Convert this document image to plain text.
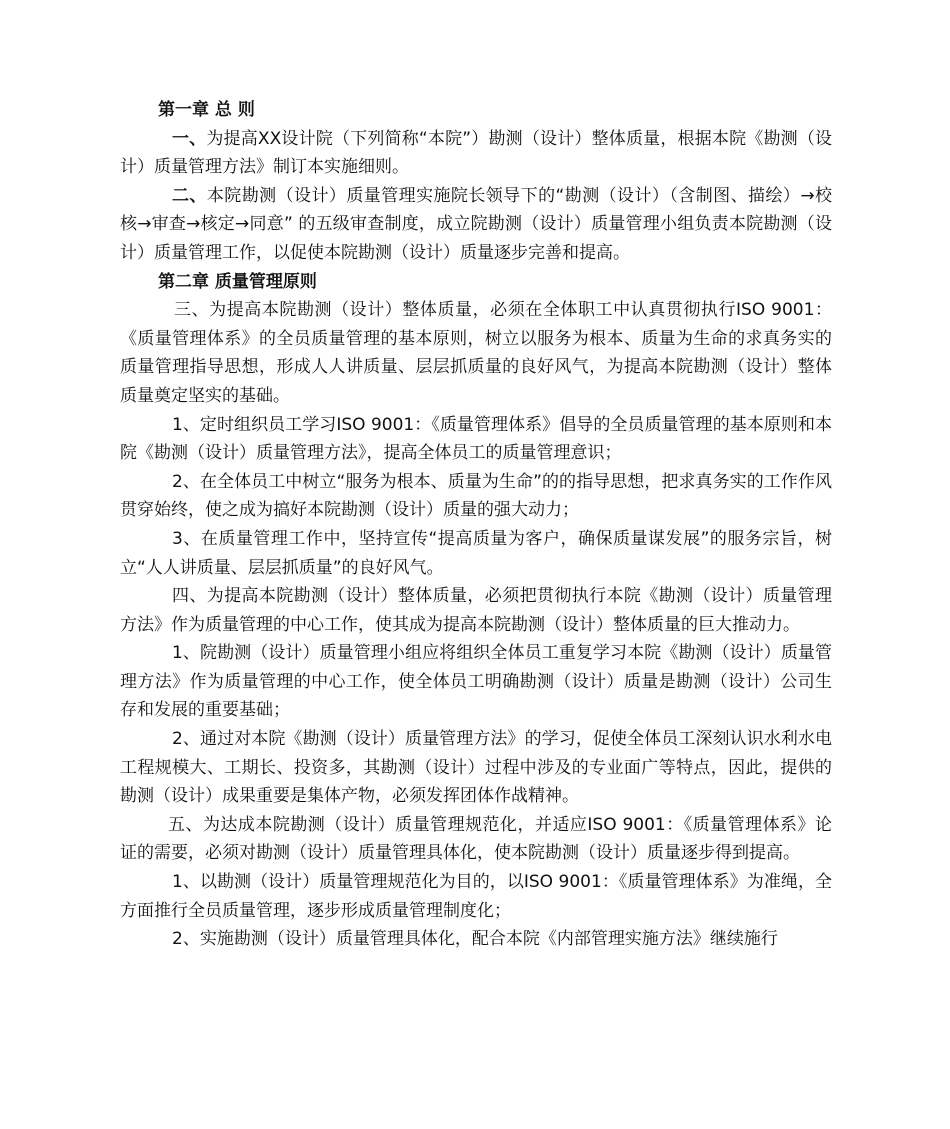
第一章 总 则

一、为提高XX设计院（下列简称“本院”）勘测（设计）整体质量，根据本院《勘测（设计）质量管理方法》制订本实施细则。

二、本院勘测（设计）质量管理实施院长领导下的“勘测（设计）（含制图、描绘）→校核→审查→核定→同意” 的五级审查制度，成立院勘测（设计）质量管理小组负责本院勘测（设计）质量管理工作，以促使本院勘测（设计）质量逐步完善和提高。

第二章 质量管理原则

三、为提高本院勘测（设计）整体质量，必须在全体职工中认真贯彻执行ISO 9001：《质量管理体系》的全员质量管理的基本原则，树立以服务为根本、质量为生命的求真务实的质量管理指导思想，形成人人讲质量、层层抓质量的良好风气，为提高本院勘测（设计）整体质量奠定坚实的基础。

1、定时组织员工学习ISO 9001：《质量管理体系》倡导的全员质量管理的基本原则和本院《勘测（设计）质量管理方法》，提高全体员工的质量管理意识；

2、在全体员工中树立“服务为根本、质量为生命”的的指导思想，把求真务实的工作作风贯穿始终，使之成为搞好本院勘测（设计）质量的强大动力；

3、在质量管理工作中，坚持宣传“提高质量为客户，确保质量谋发展”的服务宗旨，树立“人人讲质量、层层抓质量”的良好风气。

四、为提高本院勘测（设计）整体质量，必须把贯彻执行本院《勘测（设计）质量管理方法》作为质量管理的中心工作，使其成为提高本院勘测（设计）整体质量的巨大推动力。

1、院勘测（设计）质量管理小组应将组织全体员工重复学习本院《勘测（设计）质量管理方法》作为质量管理的中心工作，使全体员工明确勘测（设计）质量是勘测（设计）公司生存和发展的重要基础；

2、通过对本院《勘测（设计）质量管理方法》的学习，促使全体员工深刻认识水利水电工程规模大、工期长、投资多，其勘测（设计）过程中涉及的专业面广等特点，因此，提供的勘测（设计）成果重要是集体产物，必须发挥团体作战精神。

五、为达成本院勘测（设计）质量管理规范化，并适应ISO 9001：《质量管理体系》论证的需要，必须对勘测（设计）质量管理具体化，使本院勘测（设计）质量逐步得到提高。

1、以勘测（设计）质量管理规范化为目的，以ISO 9001：《质量管理体系》为准绳，全方面推行全员质量管理，逐步形成质量管理制度化；

2、实施勘测（设计）质量管理具体化，配合本院《内部管理实施方法》继续施行
